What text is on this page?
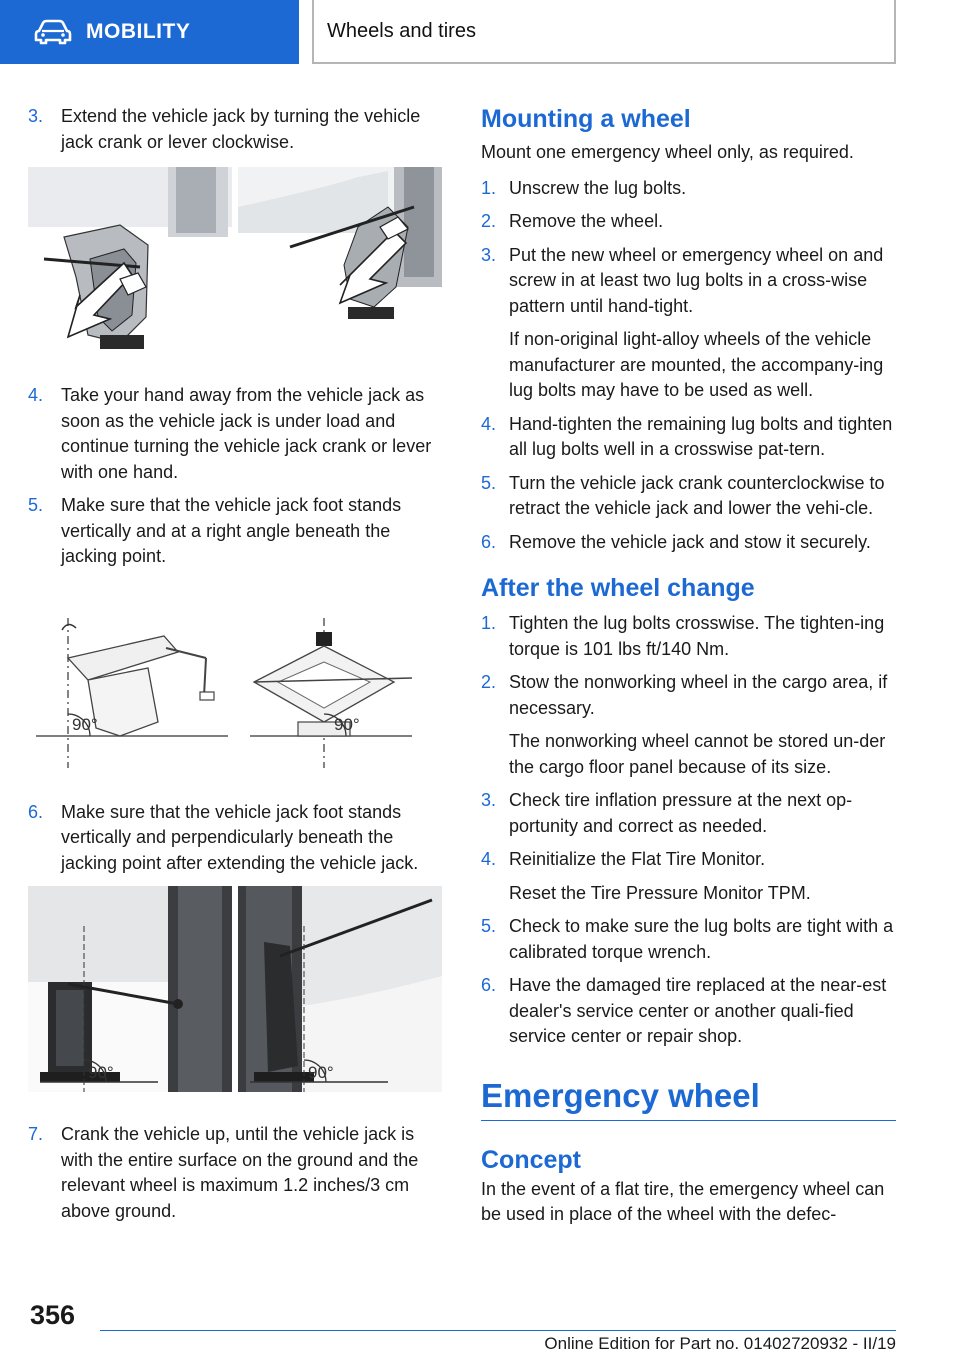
MOBILITY	Wheels and tires
3. Extend the vehicle jack by turning the vehicle jack crank or lever clockwise.
4. Take your hand away from the vehicle jack as soon as the vehicle jack is under load and continue turning the vehicle jack crank or lever with one hand.
5. Make sure that the vehicle jack foot stands vertically and at a right angle beneath the jacking point.
90°	90°
6. Make sure that the vehicle jack foot stands vertically and perpendicularly beneath the jacking point after extending the vehicle jack.
90°	90°
7. Crank the vehicle up, until the vehicle jack is with the entire surface on the ground and the relevant wheel is maximum 1.2 inches/3 cm above ground.
Mounting a wheel

Mount one emergency wheel only, as required.

1. Unscrew the lug bolts.
2. Remove the wheel.
3. Put the new wheel or emergency wheel on and screw in at least two lug bolts in a cross‐wise pattern until hand-tight.

If non-original light-alloy wheels of the vehicle manufacturer are mounted, the accompany‐ing lug bolts may have to be used as well.

4. Hand-tighten the remaining lug bolts and tighten all lug bolts well in a crosswise pat‐tern.
5. Turn the vehicle jack crank counterclockwise to retract the vehicle jack and lower the vehi‐cle.
6. Remove the vehicle jack and stow it securely.
After the wheel change
1. Tighten the lug bolts crosswise. The tighten‐ing torque is 101 lbs ft/140 Nm.
2. Stow the nonworking wheel in the cargo area, if necessary.

The nonworking wheel cannot be stored un‐der the cargo floor panel because of its size.

3. Check tire inflation pressure at the next op‐portunity and correct as needed.
4. Reinitialize the Flat Tire Monitor.

Reset the Tire Pressure Monitor TPM.

5. Check to make sure the lug bolts are tight with a calibrated torque wrench.
6. Have the damaged tire replaced at the near‐est dealer's service center or another quali‐fied service center or repair shop.
Emergency wheel
Concept

In the event of a flat tire, the emergency wheel can be used in place of the wheel with the defec‐

356
Online Edition for Part no. 01402720932 - II/19
